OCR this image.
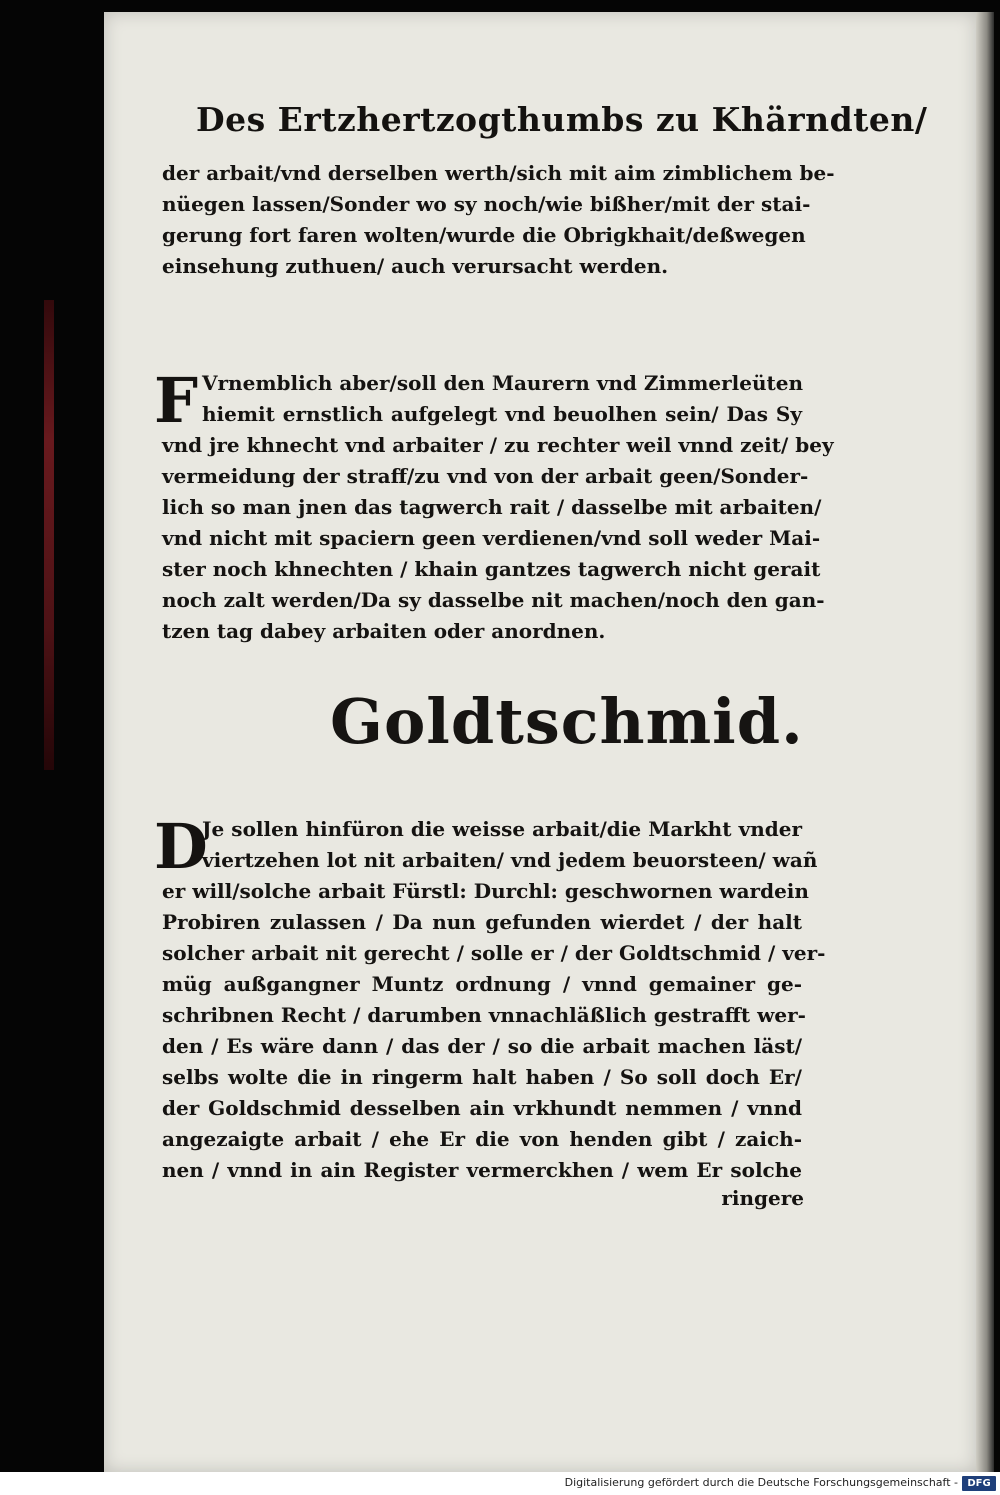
Des Ertzhertzogthumbs zu Khärndten/
der arbait/vnd derselben werth/sich mit aim zimblichem be-
nüegen lassen/Sonder wo sy noch/wie bißher/mit der stai-
gerung fort faren wolten/wurde die Obrigkhait/deßwegen
einsehung zuthuen/ auch verursacht werden.
F Vrnemblich aber/soll den Maurern vnd Zimmerleüten
hiemit ernstlich aufgelegt vnd beuolhen sein/ Das Sy
vnd jre khnecht vnd arbaiter / zu rechter weil vnnd zeit/ bey
vermeidung der straff/zu vnd von der arbait geen/Sonder-
lich so man jnen das tagwerch rait / dasselbe mit arbaiten/
vnd nicht mit spaciern geen verdienen/vnd soll weder Mai-
ster noch khnechten / khain gantzes tagwerch nicht gerait
noch zalt werden/Da sy dasselbe nit machen/noch den gan-
tzen tag dabey arbaiten oder anordnen.
Goldtschmid.
D
Je sollen hinfüron die weisse arbait/die Markht vnder
viertzehen lot nit arbaiten/ vnd jedem beuorsteen/ wañ
er will/solche arbait Fürstl: Durchl: geschwornen wardein
Probiren zulassen / Da nun gefunden wierdet / der halt
solcher arbait nit gerecht / solle er / der Goldtschmid / ver-
müg außgangner Muntz ordnung / vnnd gemainer ge-
schribnen Recht / darumben vnnachläßlich gestrafft wer-
den / Es wäre dann / das der / so die arbait machen läst/
selbs wolte die in ringerm halt haben / So soll doch Er/
der Goldschmid desselben ain vrkhundt nemmen / vnnd
angezaigte arbait / ehe Er die von henden gibt / zaich-
nen / vnnd in ain Register vermerckhen / wem Er solche
ringere
Digitalisierung gefördert durch die Deutsche Forschungsgemeinschaft - DFG
